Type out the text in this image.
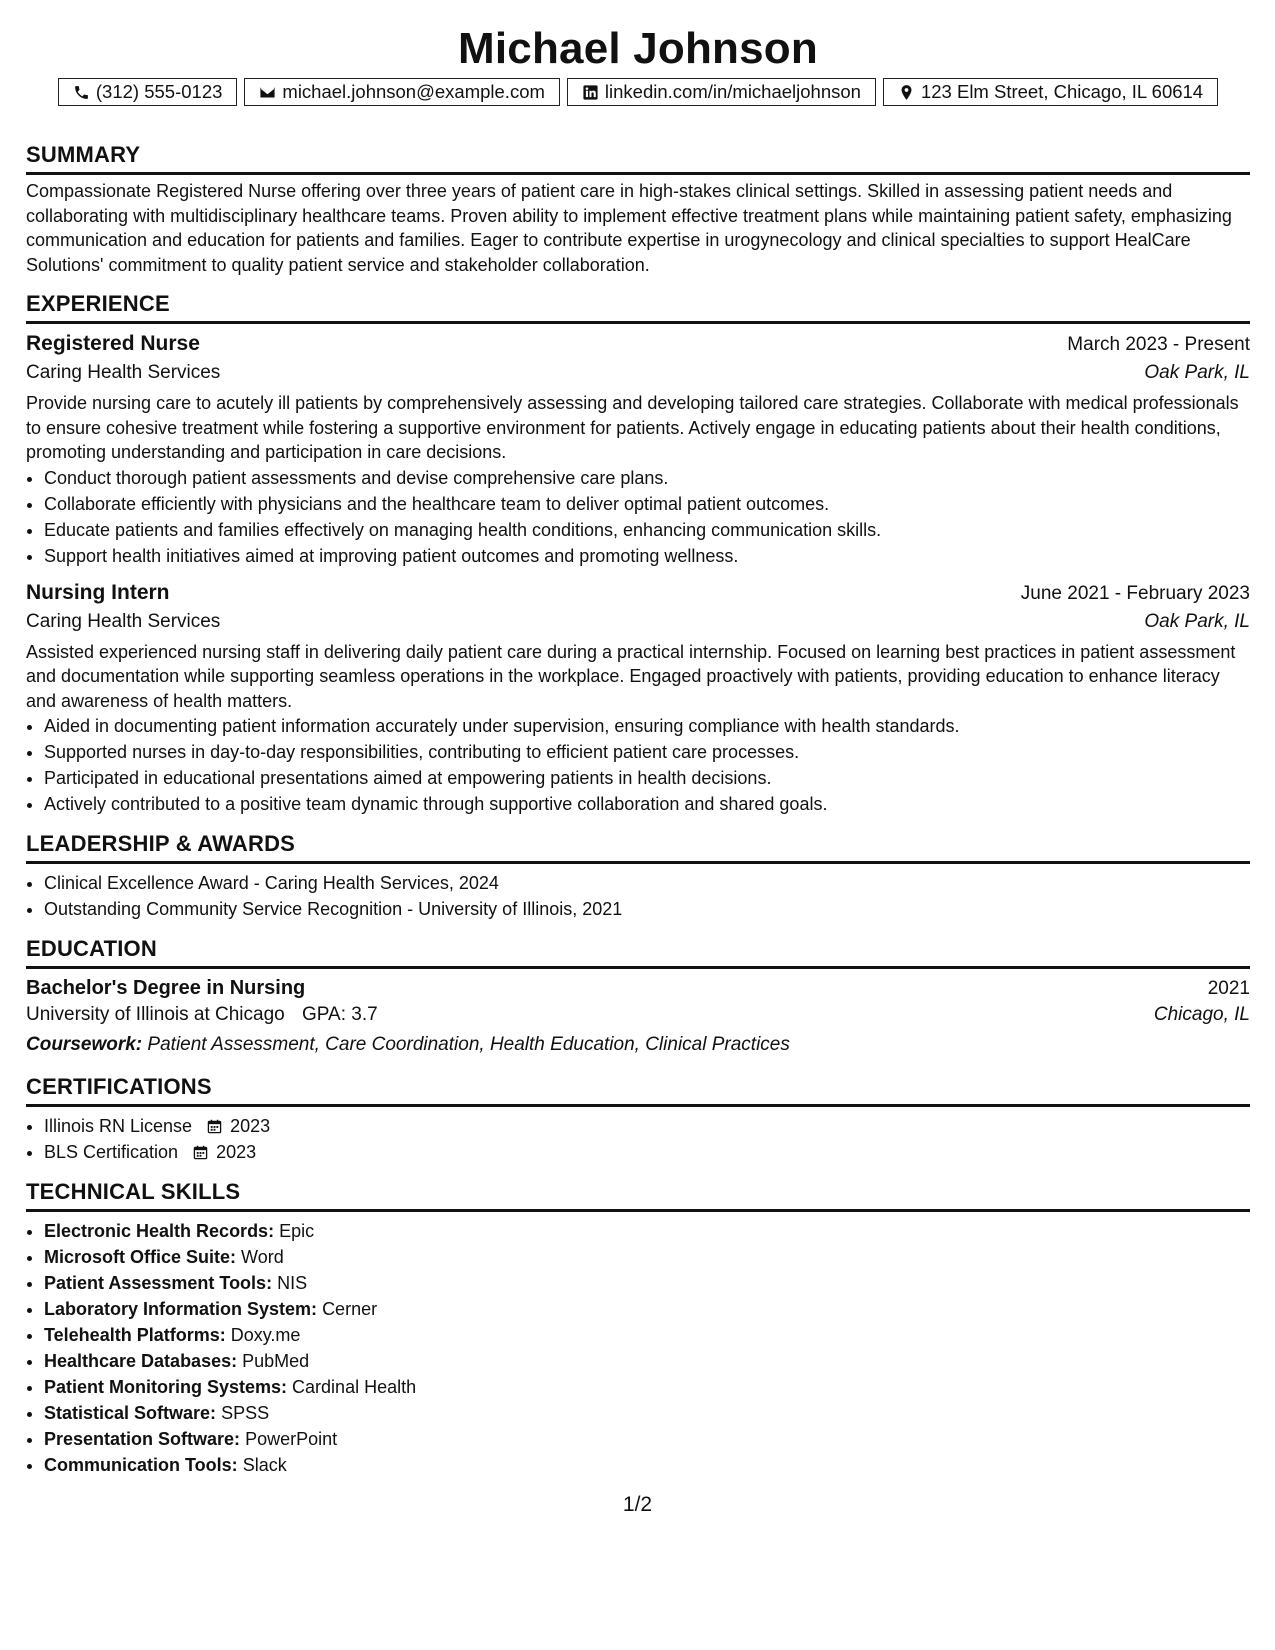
Michael Johnson
(312) 555-0123	michael.johnson@example.com	linkedin.com/in/michaeljohnson	123 Elm Street, Chicago, IL 60614
SUMMARY

Compassionate Registered Nurse offering over three years of patient care in high-stakes clinical settings. Skilled in assessing patient needs and collaborating with multidisciplinary healthcare teams. Proven ability to implement effective treatment plans while maintaining patient safety, emphasizing communication and education for patients and families. Eager to contribute expertise in urogynecology and clinical specialties to support HealCare Solutions' commitment to quality patient service and stakeholder collaboration.

EXPERIENCE
Registered Nurse	March 2023 - Present
Caring Health Services	Oak Park, IL

Provide nursing care to acutely ill patients by comprehensively assessing and developing tailored care strategies. Collaborate with medical professionals to ensure cohesive treatment while fostering a supportive environment for patients. Actively engage in educating patients about their health conditions, promoting understanding and participation in care decisions.

• Conduct thorough patient assessments and devise comprehensive care plans.
• Collaborate efficiently with physicians and the healthcare team to deliver optimal patient outcomes.
• Educate patients and families effectively on managing health conditions, enhancing communication skills.
• Support health initiatives aimed at improving patient outcomes and promoting wellness.
Nursing Intern	June 2021 - February 2023
Caring Health Services	Oak Park, IL

Assisted experienced nursing staff in delivering daily patient care during a practical internship. Focused on learning best practices in patient assessment and documentation while supporting seamless operations in the workplace. Engaged proactively with patients, providing education to enhance literacy and awareness of health matters.

• Aided in documenting patient information accurately under supervision, ensuring compliance with health standards.
• Supported nurses in day-to-day responsibilities, contributing to efficient patient care processes.
• Participated in educational presentations aimed at empowering patients in health decisions.
• Actively contributed to a positive team dynamic through supportive collaboration and shared goals.
LEADERSHIP & AWARDS
• Clinical Excellence Award - Caring Health Services, 2024
• Outstanding Community Service Recognition - University of Illinois, 2021
EDUCATION
Bachelor's Degree in Nursing	2021
University of Illinois at Chicago GPA: 3.7	Chicago, IL
Coursework: Patient Assessment, Care Coordination, Health Education, Clinical Practices
CERTIFICATIONS
• Illinois RN License 2023
• BLS Certification 2023
TECHNICAL SKILLS
• Electronic Health Records: Epic
• Microsoft Office Suite: Word
• Patient Assessment Tools: NIS
• Laboratory Information System: Cerner
• Telehealth Platforms: Doxy.me
• Healthcare Databases: PubMed
• Patient Monitoring Systems: Cardinal Health
• Statistical Software: SPSS
• Presentation Software: PowerPoint
• Communication Tools: Slack
1/2
